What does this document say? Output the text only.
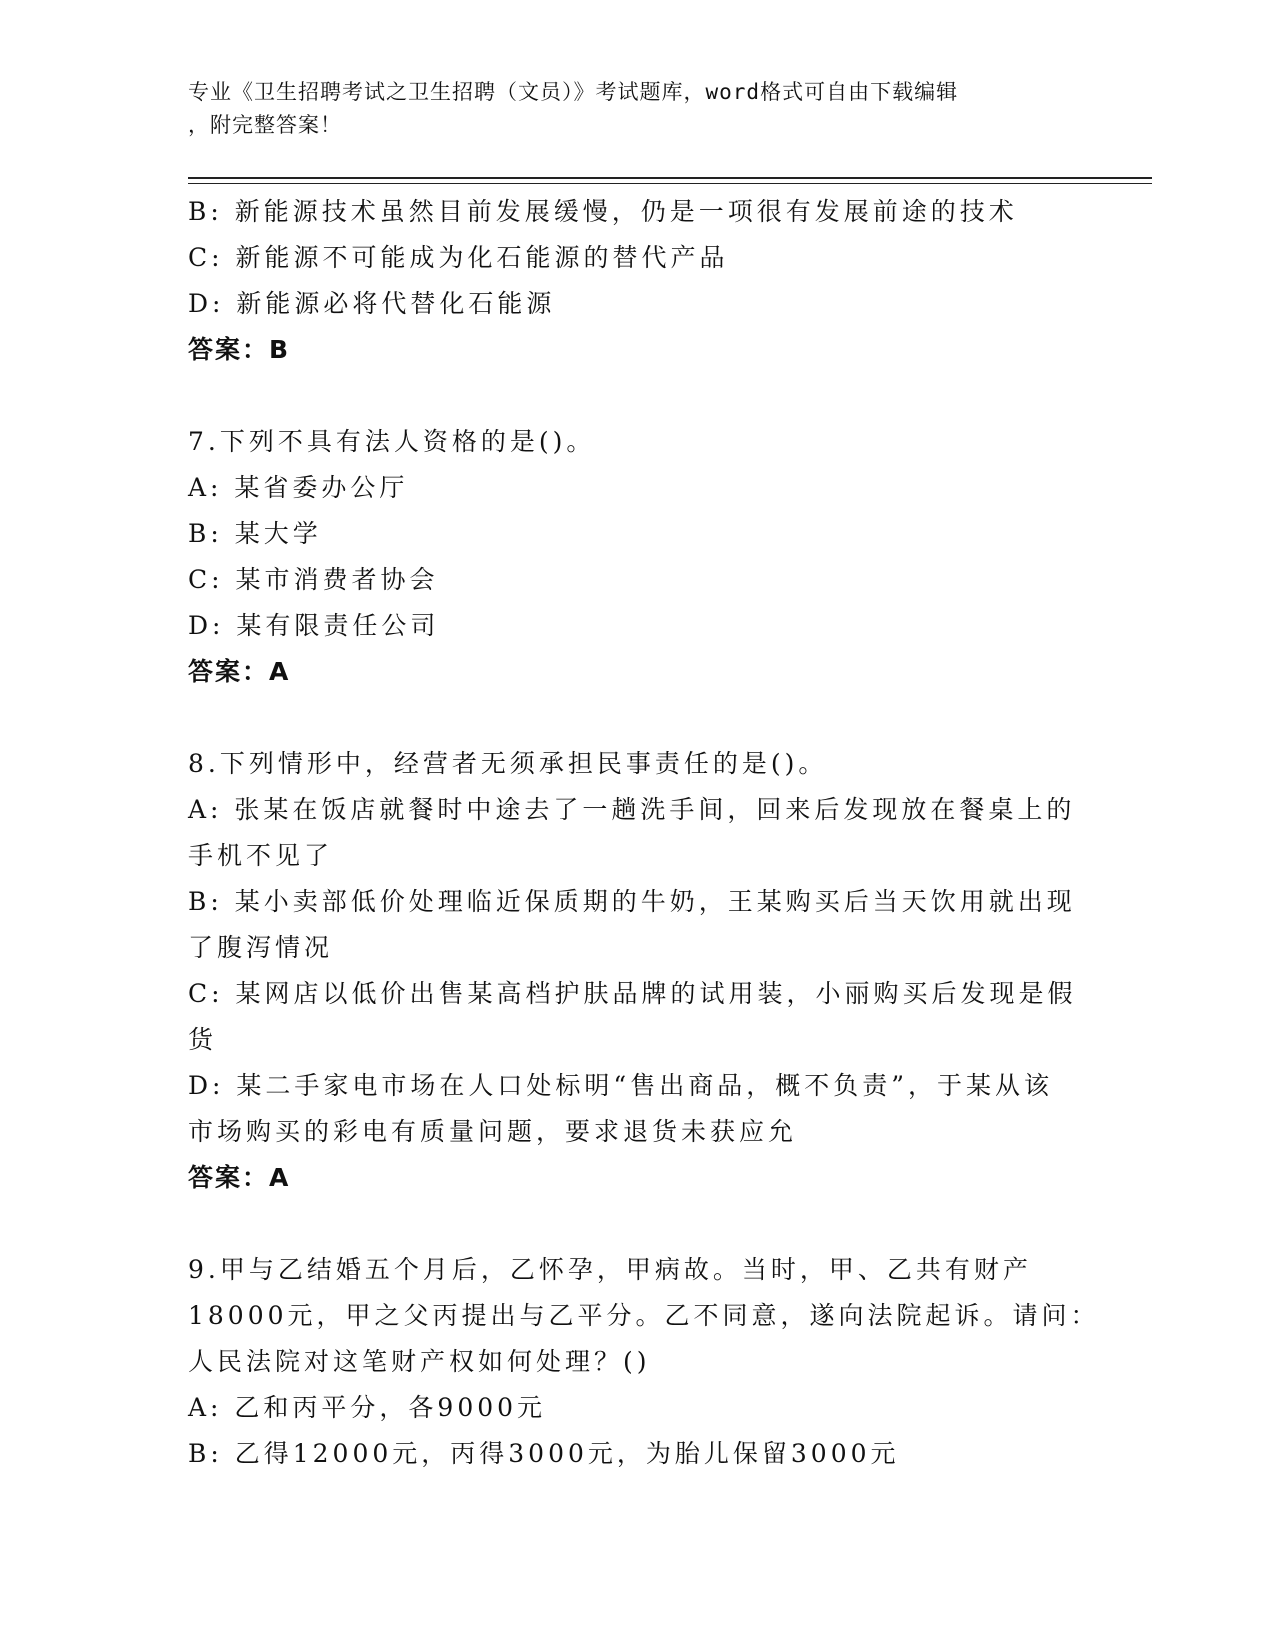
专业《卫生招聘考试之卫生招聘（文员）》考试题库，word格式可自由下载编辑
，附完整答案！

B: 新能源技术虽然目前发展缓慢，仍是一项很有发展前途的技术

C: 新能源不可能成为化石能源的替代产品

D: 新能源必将代替化石能源

答案：B

7.下列不具有法人资格的是()。

A: 某省委办公厅

B: 某大学

C: 某市消费者协会

D: 某有限责任公司

答案：A

8.下列情形中，经营者无须承担民事责任的是()。

A: 张某在饭店就餐时中途去了一趟洗手间，回来后发现放在餐桌上的

手机不见了

B: 某小卖部低价处理临近保质期的牛奶，王某购买后当天饮用就出现

了腹泻情况

C: 某网店以低价出售某高档护肤品牌的试用装，小丽购买后发现是假

货

D: 某二手家电市场在人口处标明“售出商品，概不负责”，于某从该

市场购买的彩电有质量问题，要求退货未获应允

答案：A

9.甲与乙结婚五个月后，乙怀孕，甲病故。当时，甲、乙共有财产

18000元，甲之父丙提出与乙平分。乙不同意，遂向法院起诉。请问：

人民法院对这笔财产权如何处理？()

A: 乙和丙平分，各9000元

B: 乙得12000元，丙得3000元，为胎儿保留3000元
